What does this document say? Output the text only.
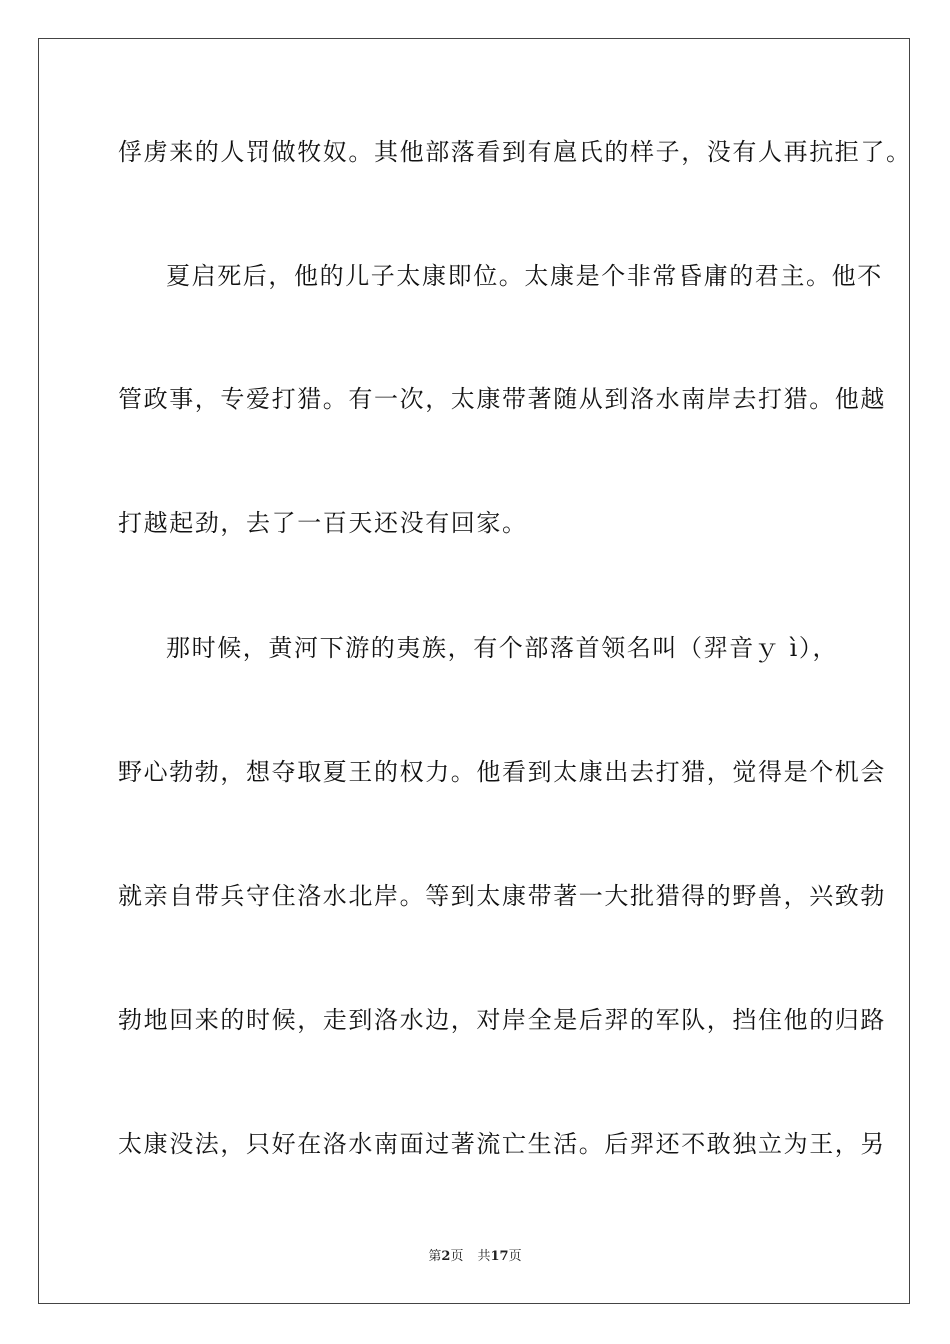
俘虏来的人罚做牧奴。其他部落看到有扈氏的样子，没有人再抗拒了。

夏启死后，他的儿子太康即位。太康是个非常昏庸的君主。他不

管政事，专爱打猎。有一次，太康带著随从到洛水南岸去打猎。他越

打越起劲，去了一百天还没有回家。

那时候，黄河下游的夷族，有个部落首领名叫（羿音ｙ ì），

野心勃勃，想夺取夏王的权力。他看到太康出去打猎，觉得是个机会

就亲自带兵守住洛水北岸。等到太康带著一大批猎得的野兽，兴致勃

勃地回来的时候，走到洛水边，对岸全是后羿的军队，挡住他的归路

太康没法，只好在洛水南面过著流亡生活。后羿还不敢独立为王，另

第2页 共17页
